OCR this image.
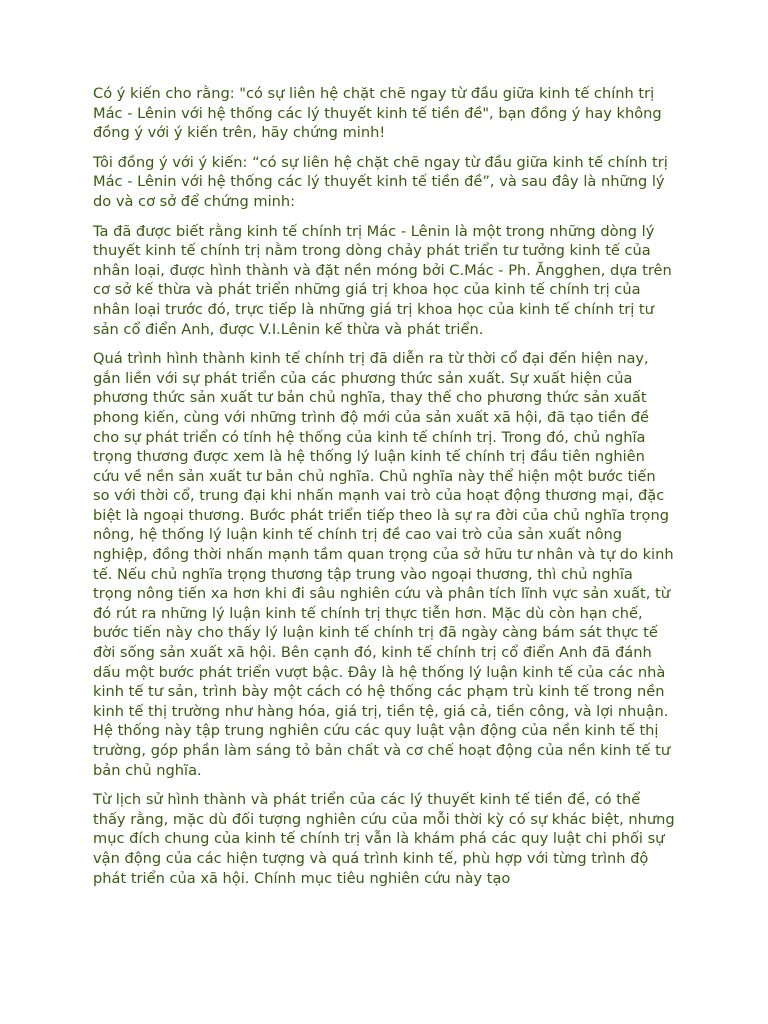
Có ý kiến cho rằng: "có sự liên hệ chặt chẽ ngay từ đầu giữa kinh tế chính trị Mác - Lênin với hệ thống các lý thuyết kinh tế tiền đề", bạn đồng ý hay không đồng ý với ý kiến trên, hãy chứng minh!

Tôi đồng ý với ý kiến: “có sự liên hệ chặt chẽ ngay từ đầu giữa kinh tế chính trị Mác - Lênin với hệ thống các lý thuyết kinh tế tiền đề”, và sau đây là những lý do và cơ sở để chứng minh:

Ta đã được biết rằng kinh tế chính trị Mác - Lênin là một trong những dòng lý thuyết kinh tế chính trị nằm trong dòng chảy phát triển tư tưởng kinh tế của nhân loại, được hình thành và đặt nền móng bởi C.Mác - Ph. Ăngghen, dựa trên cơ sở kế thừa và phát triển những giá trị khoa học của kinh tế chính trị của nhân loại trước đó, trực tiếp là những giá trị khoa học của kinh tế chính trị tư sản cổ điển Anh, được V.I.Lênin kế thừa và phát triển.

Quá trình hình thành kinh tế chính trị đã diễn ra từ thời cổ đại đến hiện nay, gắn liền với sự phát triển của các phương thức sản xuất. Sự xuất hiện của phương thức sản xuất tư bản chủ nghĩa, thay thế cho phương thức sản xuất phong kiến, cùng với những trình độ mới của sản xuất xã hội, đã tạo tiền đề cho sự phát triển có tính hệ thống của kinh tế chính trị. Trong đó, chủ nghĩa trọng thương được xem là hệ thống lý luận kinh tế chính trị đầu tiên nghiên cứu về nền sản xuất tư bản chủ nghĩa. Chủ nghĩa này thể hiện một bước tiến so với thời cổ, trung đại khi nhấn mạnh vai trò của hoạt động thương mại, đặc biệt là ngoại thương. Bước phát triển tiếp theo là sự ra đời của chủ nghĩa trọng nông, hệ thống lý luận kinh tế chính trị đề cao vai trò của sản xuất nông nghiệp, đồng thời nhấn mạnh tầm quan trọng của sở hữu tư nhân và tự do kinh tế. Nếu chủ nghĩa trọng thương tập trung vào ngoại thương, thì chủ nghĩa trọng nông tiến xa hơn khi đi sâu nghiên cứu và phân tích lĩnh vực sản xuất, từ đó rút ra những lý luận kinh tế chính trị thực tiễn hơn. Mặc dù còn hạn chế, bước tiến này cho thấy lý luận kinh tế chính trị đã ngày càng bám sát thực tế đời sống sản xuất xã hội. Bên cạnh đó, kinh tế chính trị cổ điển Anh đã đánh dấu một bước phát triển vượt bậc. Đây là hệ thống lý luận kinh tế của các nhà kinh tế tư sản, trình bày một cách có hệ thống các phạm trù kinh tế trong nền kinh tế thị trường như hàng hóa, giá trị, tiền tệ, giá cả, tiền công, và lợi nhuận. Hệ thống này tập trung nghiên cứu các quy luật vận động của nền kinh tế thị trường, góp phần làm sáng tỏ bản chất và cơ chế hoạt động của nền kinh tế tư bản chủ nghĩa.

Từ lịch sử hình thành và phát triển của các lý thuyết kinh tế tiền đề, có thể thấy rằng, mặc dù đối tượng nghiên cứu của mỗi thời kỳ có sự khác biệt, nhưng mục đích chung của kinh tế chính trị vẫn là khám phá các quy luật chi phối sự vận động của các hiện tượng và quá trình kinh tế, phù hợp với từng trình độ phát triển của xã hội. Chính mục tiêu nghiên cứu này tạo
